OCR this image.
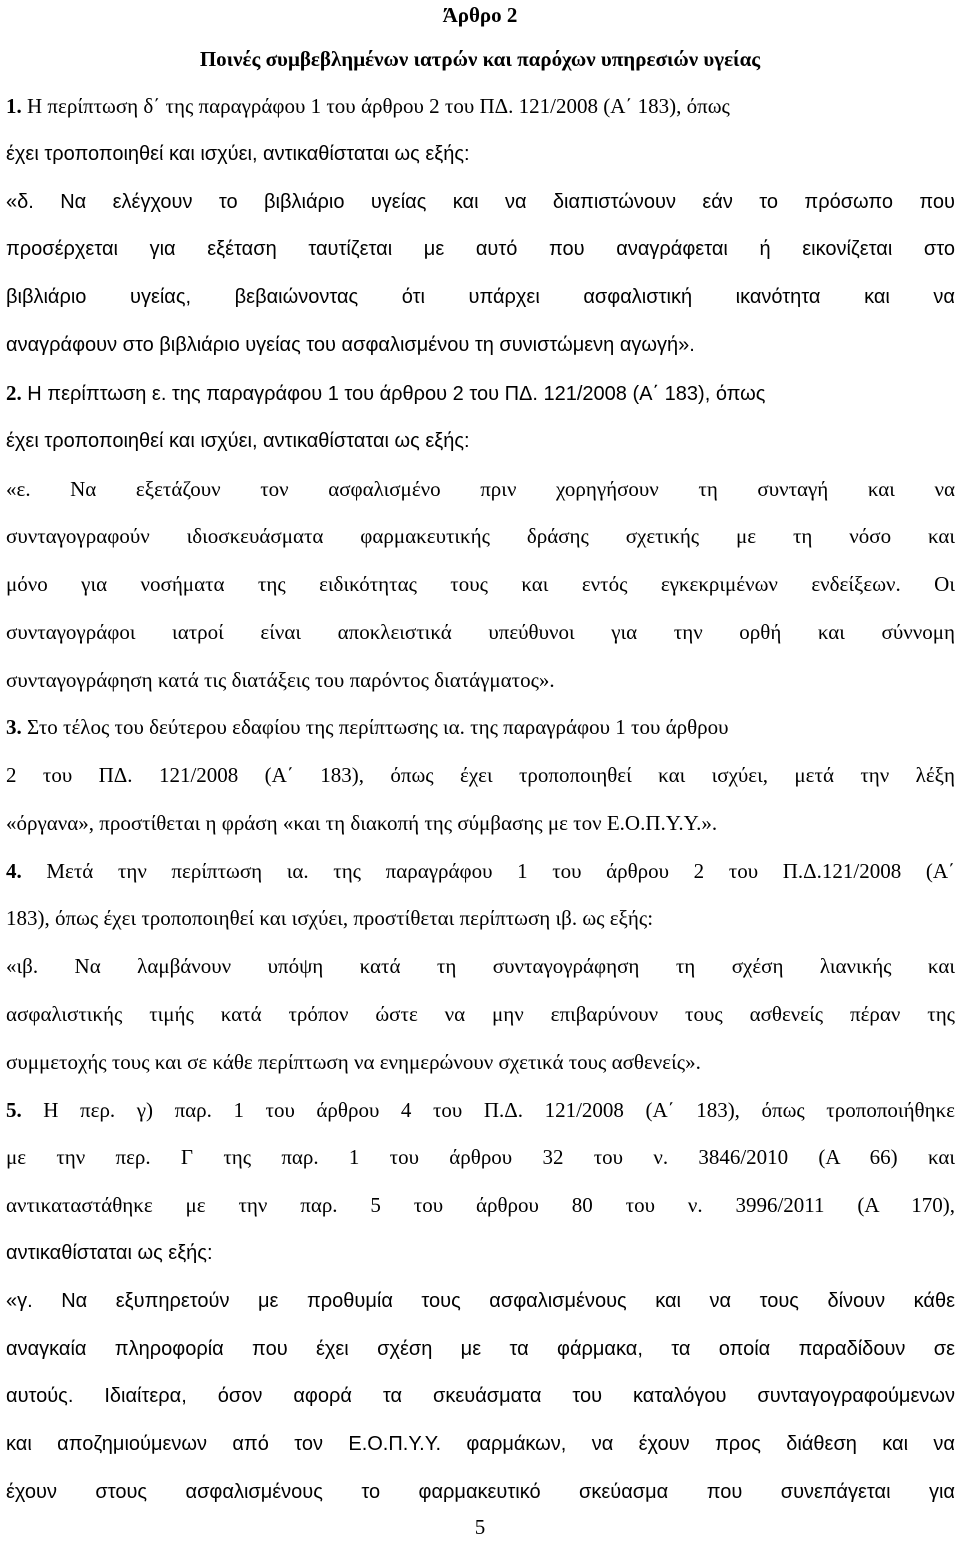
Άρθρο 2
Ποινές συμβεβλημένων ιατρών και παρόχων υπηρεσιών υγείας
1. Η περίπτωση δ΄ της παραγράφου 1 του άρθρου 2 του ΠΔ. 121/2008 (Α΄ 183), όπως
έχει τροποποιηθεί και ισχύει, αντικαθίσταται ως εξής:
«δ. Να ελέγχουν το βιβλιάριο υγείας και να διαπιστώνουν εάν το πρόσωπο που
προσέρχεται για εξέταση ταυτίζεται με αυτό που αναγράφεται ή εικονίζεται στο
βιβλιάριο υγείας, βεβαιώνοντας ότι υπάρχει ασφαλιστική ικανότητα και να
αναγράφουν στο βιβλιάριο υγείας του ασφαλισμένου τη συνιστώμενη αγωγή».
2. Η περίπτωση ε. της παραγράφου 1 του άρθρου 2 του ΠΔ. 121/2008 (Α΄ 183), όπως
έχει τροποποιηθεί και ισχύει, αντικαθίσταται ως εξής:
«ε. Να εξετάζουν τον ασφαλισμένο πριν χορηγήσουν τη συνταγή και να
συνταγογραφούν ιδιοσκευάσματα φαρμακευτικής δράσης σχετικής με τη νόσο και
μόνο για νοσήματα της ειδικότητας τους και εντός εγκεκριμένων ενδείξεων. Οι
συνταγογράφοι ιατροί είναι αποκλειστικά υπεύθυνοι για την ορθή και σύννομη
συνταγογράφηση κατά τις διατάξεις του παρόντος διατάγματος».
3. Στο τέλος του δεύτερου εδαφίου της περίπτωσης ια. της παραγράφου 1 του άρθρου
2 του ΠΔ. 121/2008 (Α΄ 183), όπως έχει τροποποιηθεί και ισχύει, μετά την λέξη
«όργανα», προστίθεται η φράση «και τη διακοπή της σύμβασης με τον Ε.Ο.Π.Υ.Υ.».
4. Μετά την περίπτωση ια. της παραγράφου 1 του άρθρου 2 του Π.Δ.121/2008 (Α΄
183), όπως έχει τροποποιηθεί και ισχύει, προστίθεται περίπτωση ιβ. ως εξής:
«ιβ. Να λαμβάνουν υπόψη κατά τη συνταγογράφηση τη σχέση λιανικής και
ασφαλιστικής τιμής κατά τρόπον ώστε να μην επιβαρύνουν τους ασθενείς πέραν της
συμμετοχής τους και σε κάθε περίπτωση να ενημερώνουν σχετικά τους ασθενείς».
5. Η περ. γ) παρ. 1 του άρθρου 4 του Π.Δ. 121/2008 (Α΄ 183), όπως τροποποιήθηκε
με την περ. Γ της παρ. 1 του άρθρου 32 του ν. 3846/2010 (Α 66) και
αντικαταστάθηκε με την παρ. 5 του άρθρου 80 του ν. 3996/2011 (Α 170),
αντικαθίσταται ως εξής:
«γ. Να εξυπηρετούν με προθυμία τους ασφαλισμένους και να τους δίνουν κάθε
αναγκαία πληροφορία που έχει σχέση με τα φάρμακα, τα οποία παραδίδουν σε
αυτούς. Ιδιαίτερα, όσον αφορά τα σκευάσματα του καταλόγου συνταγογραφούμενων
και αποζημιούμενων από τον Ε.Ο.Π.Υ.Υ. φαρμάκων, να έχουν προς διάθεση και να
έχουν στους ασφαλισμένους το φαρμακευτικό σκεύασμα που συνεπάγεται για
5
